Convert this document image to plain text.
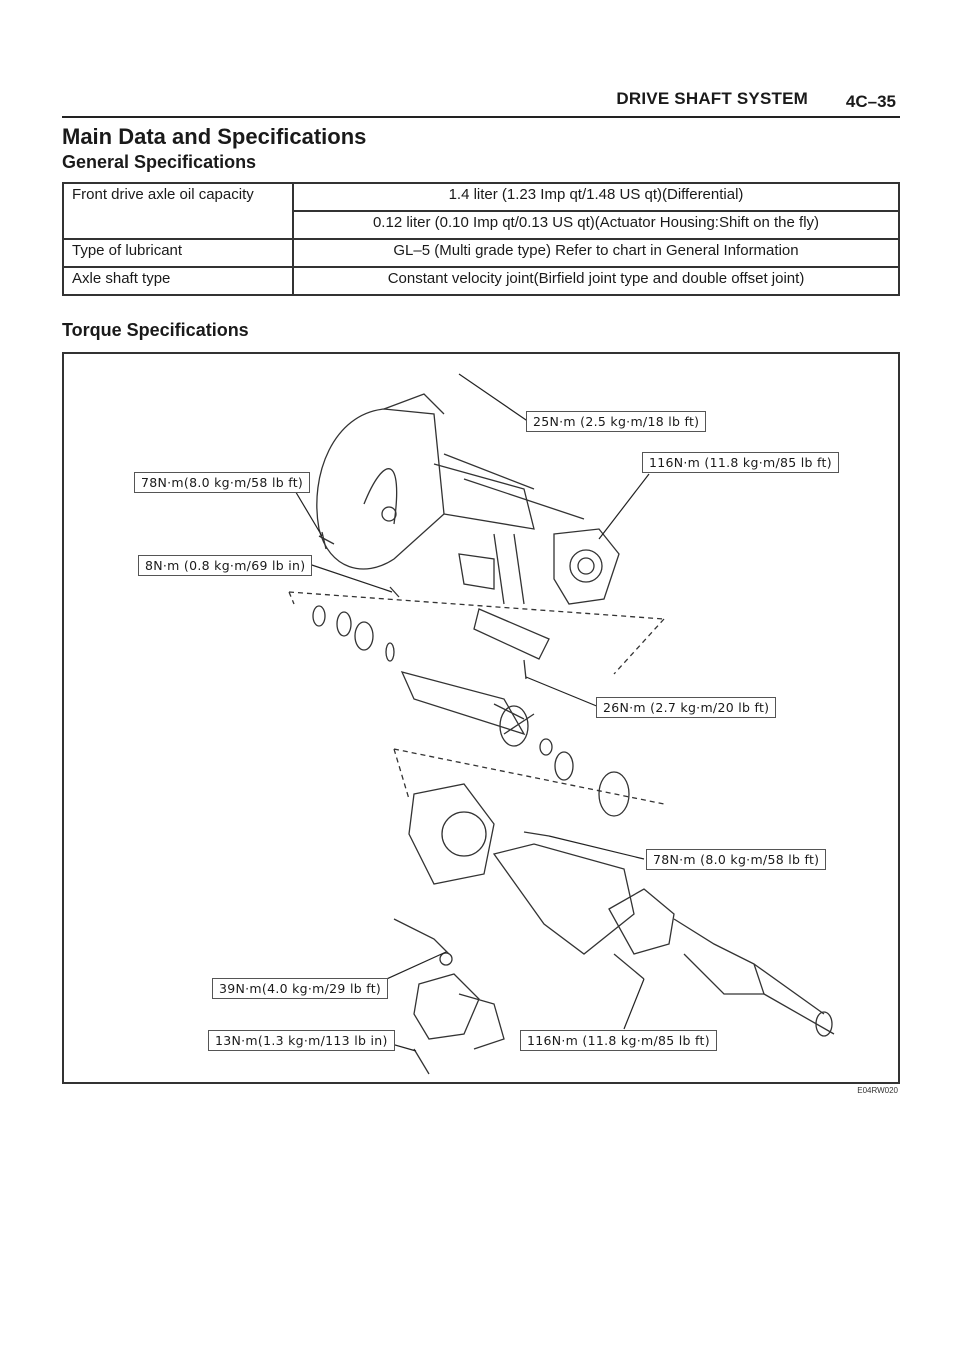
DRIVE SHAFT SYSTEM 4C–35
Main Data and Specifications
General Specifications
Front drive axle oil capacity	1.4 liter (1.23 Imp qt/1.48 US qt)(Differential)
	0.12 liter (0.10 Imp qt/0.13 US qt)(Actuator Housing:Shift on the fly)
Type of lubricant	GL–5 (Multi grade type) Refer to chart in General Information
Axle shaft type	Constant velocity joint(Birfield joint type and double offset joint)
Torque Specifications
25N·m (2.5 kg·m/18 lb ft)
116N·m (11.8 kg·m/85 lb ft)
78N·m(8.0 kg·m/58 lb ft)
8N·m (0.8 kg·m/69 lb in)
26N·m (2.7 kg·m/20 lb ft)
78N·m (8.0 kg·m/58 lb ft)
39N·m(4.0 kg·m/29 lb ft)
13N·m(1.3 kg·m/113 lb in)	116N·m (11.8 kg·m/85 lb ft)
E04RW020
